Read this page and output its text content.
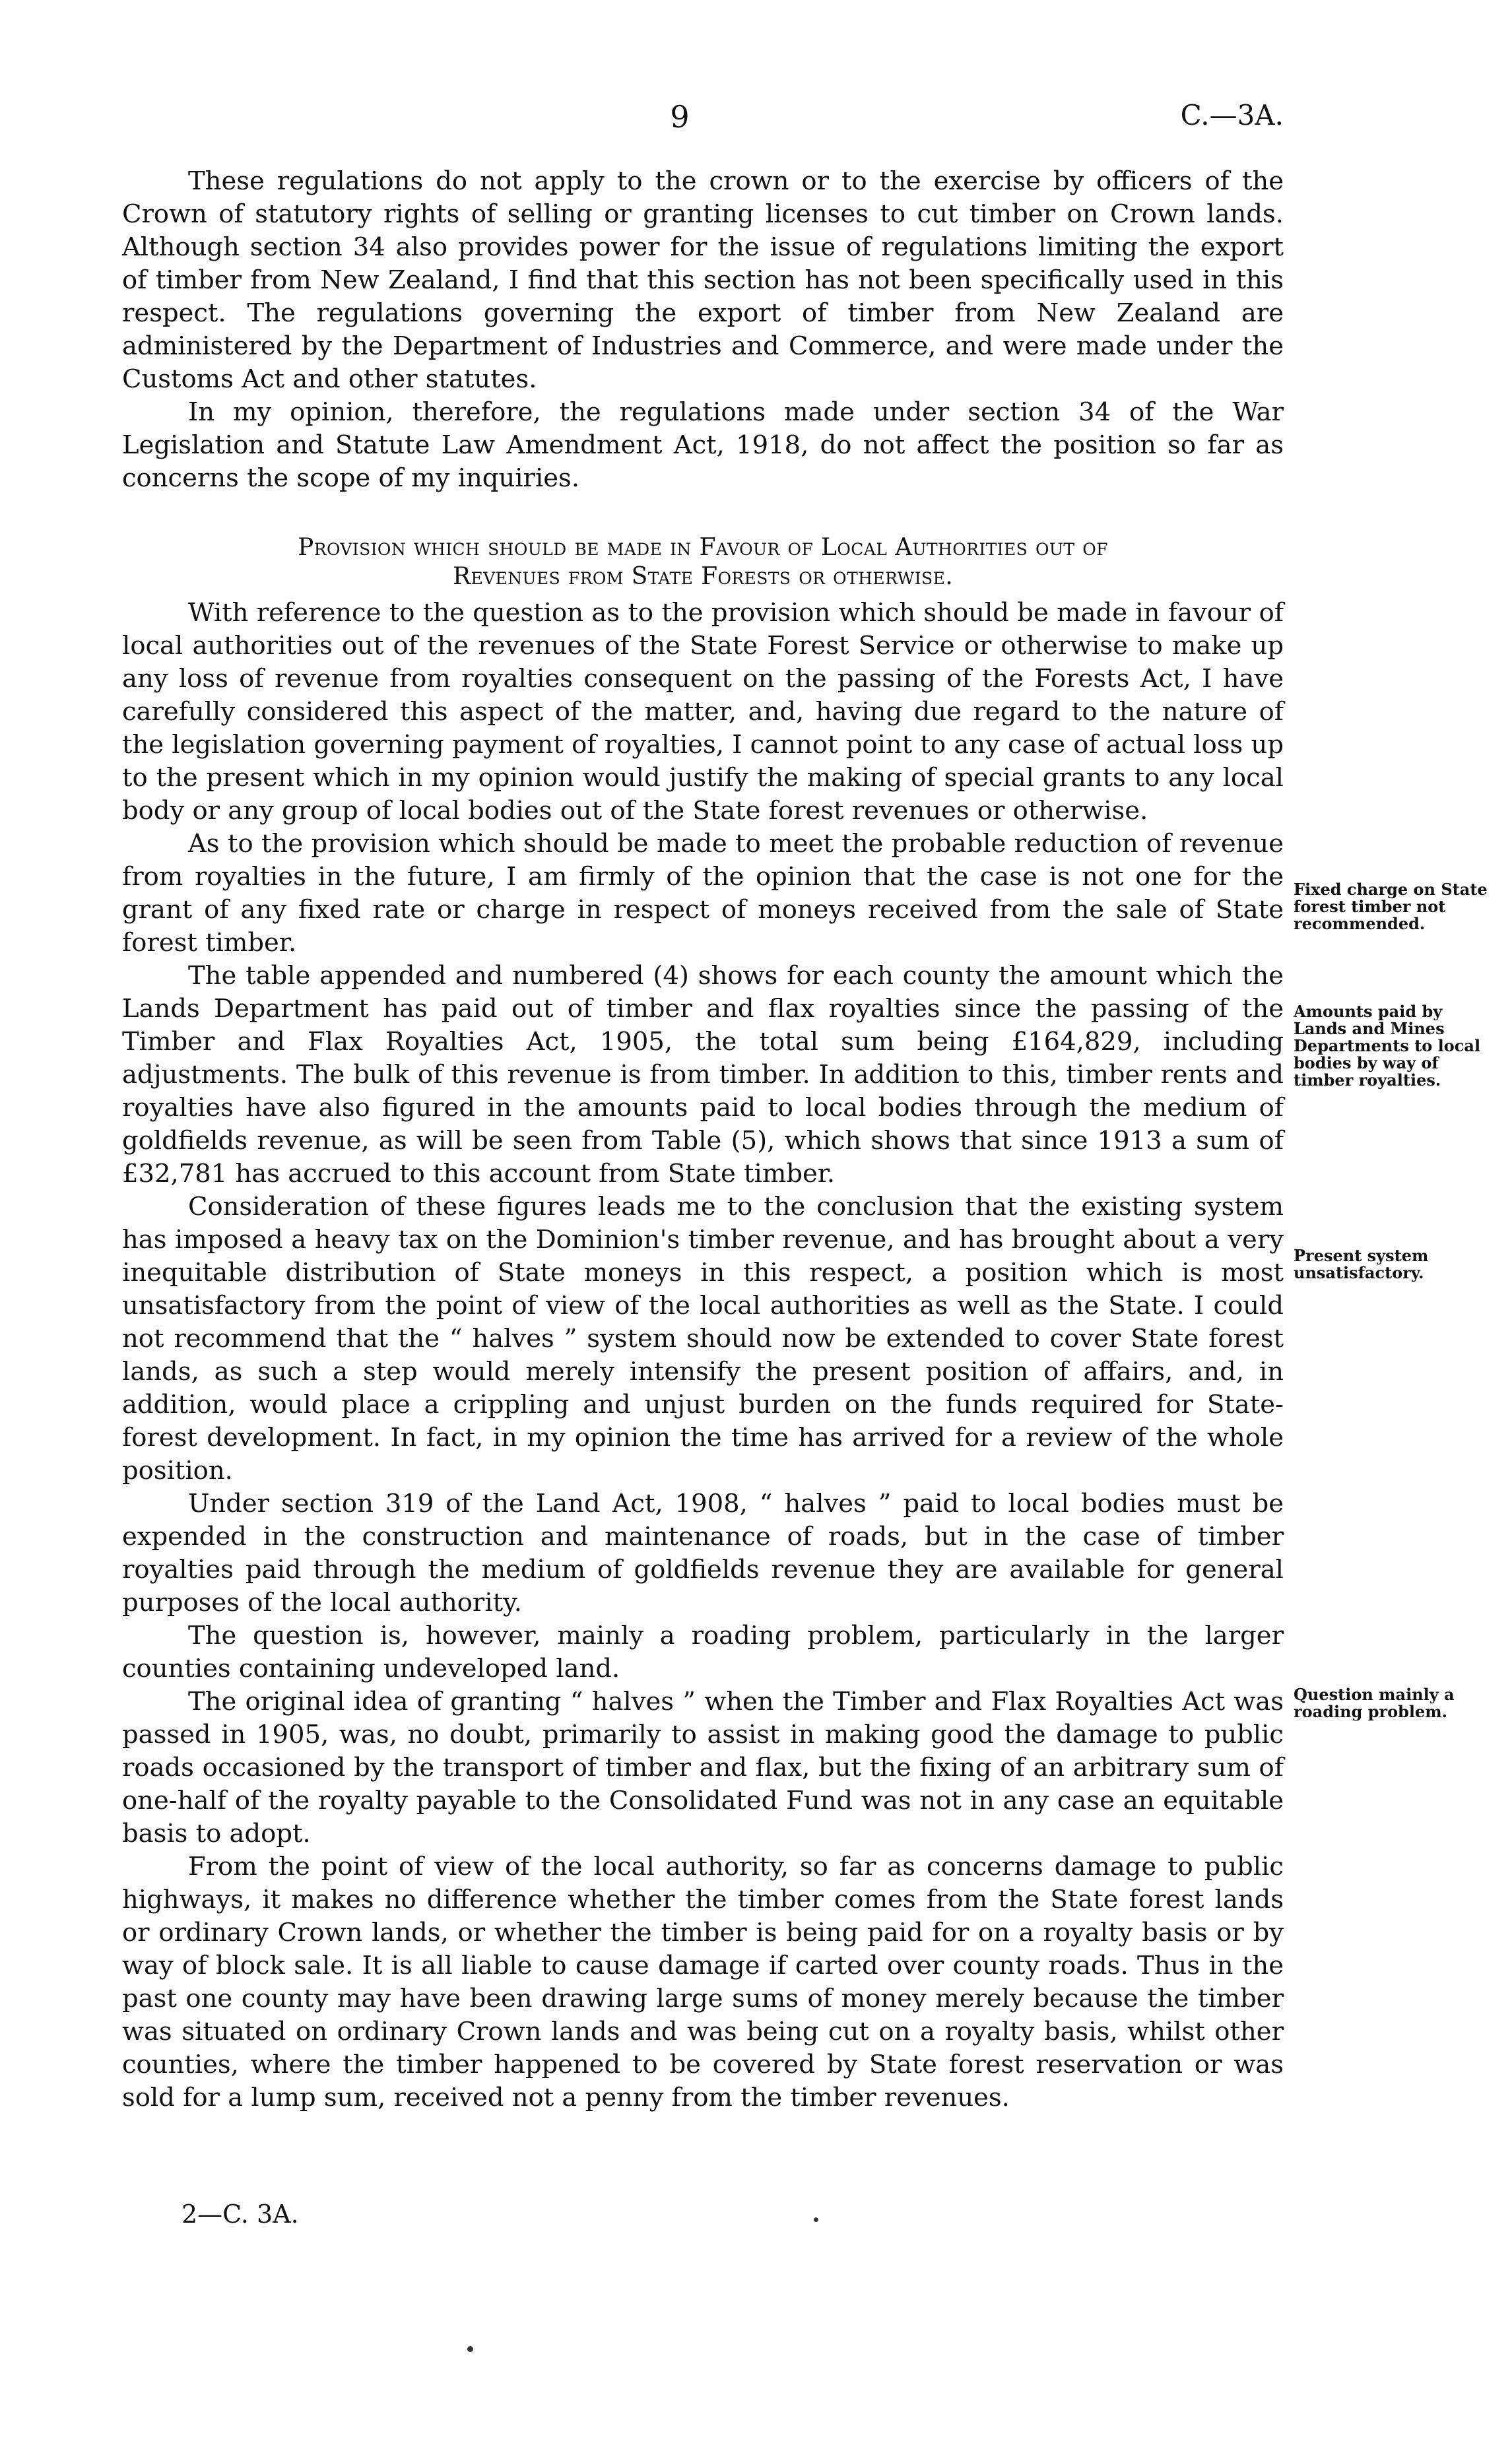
9	C.—3A.

These regulations do not apply to the crown or to the exercise by officers of the Crown of statutory rights of selling or granting licenses to cut timber on Crown lands. Although section 34 also provides power for the issue of regulations limiting the export of timber from New Zealand, I find that this section has not been specifically used in this respect. The regulations governing the export of timber from New Zealand are administered by the Department of Industries and Commerce, and were made under the Customs Act and other statutes.

In my opinion, therefore, the regulations made under section 34 of the War Legislation and Statute Law Amendment Act, 1918, do not affect the position so far as concerns the scope of my inquiries.

Provision which should be made in Favour of Local Authorities out of
Revenues from State Forests or otherwise.

With reference to the question as to the provision which should be made in favour of local authorities out of the revenues of the State Forest Service or otherwise to make up any loss of revenue from royalties consequent on the passing of the Forests Act, I have carefully considered this aspect of the matter, and, having due regard to the nature of the legislation governing payment of royalties, I cannot point to any case of actual loss up to the present which in my opinion would justify the making of special grants to any local body or any group of local bodies out of the State forest revenues or otherwise.

As to the provision which should be made to meet the probable reduction of revenue from royalties in the future, I am firmly of the opinion that the case is not one for the grant of any fixed rate or charge in respect of moneys received from the sale of State forest timber.

The table appended and numbered (4) shows for each county the amount which the Lands Department has paid out of timber and flax royalties since the passing of the Timber and Flax Royalties Act, 1905, the total sum being £164,829, including adjustments. The bulk of this revenue is from timber. In addition to this, timber rents and royalties have also figured in the amounts paid to local bodies through the medium of goldfields revenue, as will be seen from Table (5), which shows that since 1913 a sum of £32,781 has accrued to this account from State timber.

Consideration of these figures leads me to the conclusion that the existing system has imposed a heavy tax on the Dominion's timber revenue, and has brought about a very inequitable distribution of State moneys in this respect, a position which is most unsatisfactory from the point of view of the local authorities as well as the State. I could not recommend that the “ halves ” system should now be extended to cover State forest lands, as such a step would merely intensify the present position of affairs, and, in addition, would place a crippling and unjust burden on the funds required for State-forest development. In fact, in my opinion the time has arrived for a review of the whole position.

Under section 319 of the Land Act, 1908, “ halves ” paid to local bodies must be expended in the construction and maintenance of roads, but in the case of timber royalties paid through the medium of goldfields revenue they are available for general purposes of the local authority.

The question is, however, mainly a roading problem, particularly in the larger counties containing undeveloped land.

The original idea of granting “ halves ” when the Timber and Flax Royalties Act was passed in 1905, was, no doubt, primarily to assist in making good the damage to public roads occasioned by the transport of timber and flax, but the fixing of an arbitrary sum of one-half of the royalty payable to the Consolidated Fund was not in any case an equitable basis to adopt.

From the point of view of the local authority, so far as concerns damage to public highways, it makes no difference whether the timber comes from the State forest lands or ordinary Crown lands, or whether the timber is being paid for on a royalty basis or by way of block sale. It is all liable to cause damage if carted over county roads. Thus in the past one county may have been drawing large sums of money merely because the timber was situated on ordinary Crown lands and was being cut on a royalty basis, whilst other counties, where the timber happened to be covered by State forest reservation or was sold for a lump sum, received not a penny from the timber revenues.

Fixed charge on State forest timber not recommended.
Amounts paid by Lands and Mines Departments to local bodies by way of timber royalties.
Present system unsatisfactory.
Question mainly a roading problem.
2—C. 3A.
